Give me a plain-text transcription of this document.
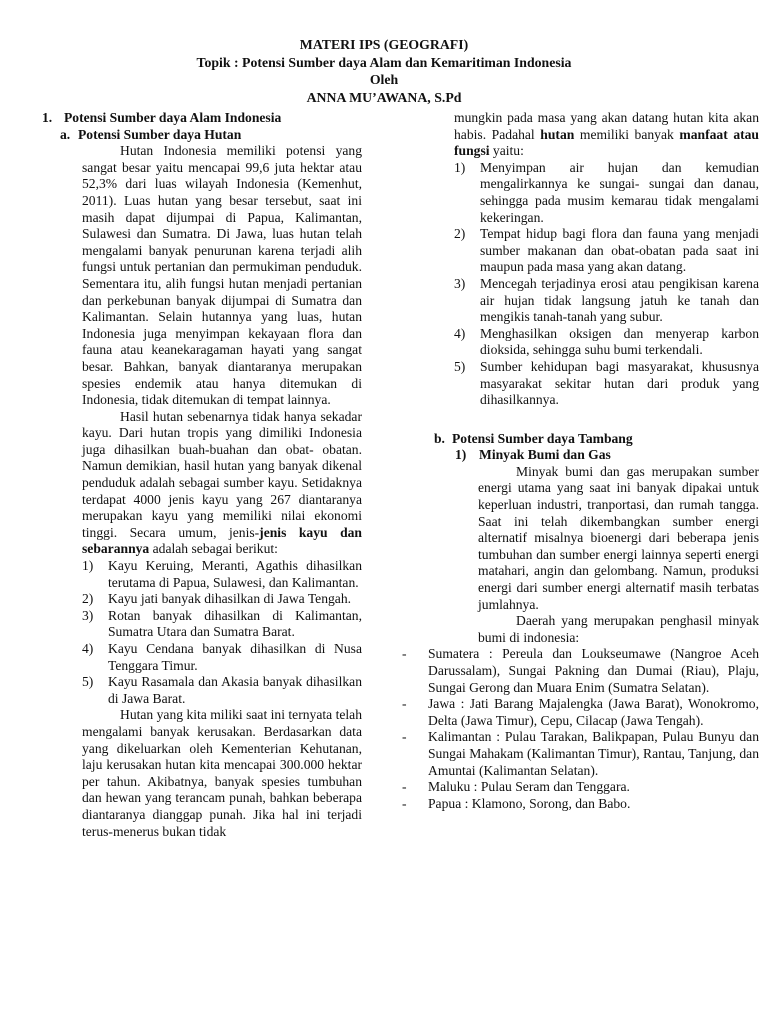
MATERI IPS (GEOGRAFI)
Topik : Potensi Sumber daya Alam dan Kemaritiman Indonesia
Oleh
ANNA MU’AWANA, S.Pd
1. Potensi Sumber daya Alam Indonesia
a. Potensi Sumber daya Hutan

Hutan Indonesia memiliki potensi yang sangat besar yaitu mencapai 99,6 juta hektar atau 52,3% dari luas wilayah Indonesia (Kemenhut, 2011). Luas hutan yang besar tersebut, saat ini masih dapat dijumpai di Papua, Kalimantan, Sulawesi dan Sumatra. Di Jawa, luas hutan telah mengalami banyak penurunan karena terjadi alih fungsi untuk pertanian dan permukiman penduduk. Sementara itu, alih fungsi hutan menjadi pertanian dan perkebunan banyak dijumpai di Sumatra dan Kalimantan. Selain hutannya yang luas, hutan Indonesia juga menyimpan kekayaan flora dan fauna atau keanekaragaman hayati yang sangat besar. Bahkan, banyak diantaranya merupakan spesies endemik atau hanya ditemukan di Indonesia, tidak ditemukan di tempat lainnya.

Hasil hutan sebenarnya tidak hanya sekadar kayu. Dari hutan tropis yang dimiliki Indonesia juga dihasilkan buah-buahan dan obat- obatan. Namun demikian, hasil hutan yang banyak dikenal penduduk adalah sebagai sumber kayu. Setidaknya terdapat 4000 jenis kayu yang 267 diantaranya merupakan kayu yang memiliki nilai ekonomi tinggi. Secara umum, jenis-jenis kayu dan sebarannya adalah sebagai berikut:

1)	Kayu Keruing, Meranti, Agathis dihasilkan terutama di Papua, Sulawesi, dan Kalimantan.
2)	Kayu jati banyak dihasilkan di Jawa Tengah.
3)	Rotan banyak dihasilkan di Kalimantan, Sumatra Utara dan Sumatra Barat.
4)	Kayu Cendana banyak dihasilkan di Nusa Tenggara Timur.
5)	Kayu Rasamala dan Akasia banyak dihasilkan di Jawa Barat.

Hutan yang kita miliki saat ini ternyata telah mengalami banyak kerusakan. Berdasarkan data yang dikeluarkan oleh Kementerian Kehutanan, laju kerusakan hutan kita mencapai 300.000 hektar per tahun. Akibatnya, banyak spesies tumbuhan dan hewan yang terancam punah, bahkan beberapa diantaranya dianggap punah. Jika hal ini terjadi terus-menerus bukan tidak

mungkin pada masa yang akan datang hutan kita akan habis. Padahal hutan memiliki banyak manfaat atau fungsi yaitu:

1)	Menyimpan air hujan dan kemudian mengalirkannya ke sungai- sungai dan danau, sehingga pada musim kemarau tidak mengalami kekeringan.
2)	Tempat hidup bagi flora dan fauna yang menjadi sumber makanan dan obat-obatan pada saat ini maupun pada masa yang akan datang.
3)	Mencegah terjadinya erosi atau pengikisan karena air hujan tidak langsung jatuh ke tanah dan mengikis tanah-tanah yang subur.
4)	Menghasilkan oksigen dan menyerap karbon dioksida, sehingga suhu bumi terkendali.
5)	Sumber kehidupan bagi masyarakat, khususnya masyarakat sekitar hutan dari produk yang dihasilkannya.
b. Potensi Sumber daya Tambang
1) Minyak Bumi dan Gas

Minyak bumi dan gas merupakan sumber energi utama yang saat ini banyak dipakai untuk keperluan industri, tranportasi, dan rumah tangga. Saat ini telah dikembangkan sumber energi alternatif misalnya bioenergi dari beberapa jenis tumbuhan dan sumber energi lainnya seperti energi matahari, angin dan gelombang. Namun, produksi energi dari sumber energi alternatif masih terbatas jumlahnya.

Daerah yang merupakan penghasil minyak bumi di indonesia:

-	Sumatera : Pereula dan Loukseumawe (Nangroe Aceh Darussalam), Sungai Pakning dan Dumai (Riau), Plaju, Sungai Gerong dan Muara Enim (Sumatra Selatan).
-	Jawa : Jati Barang Majalengka (Jawa Barat), Wonokromo, Delta (Jawa Timur), Cepu, Cilacap (Jawa Tengah).
-	Kalimantan : Pulau Tarakan, Balikpapan, Pulau Bunyu dan Sungai Mahakam (Kalimantan Timur), Rantau, Tanjung, dan Amuntai (Kalimantan Selatan).
-	Maluku : Pulau Seram dan Tenggara.
-	Papua : Klamono, Sorong, dan Babo.
